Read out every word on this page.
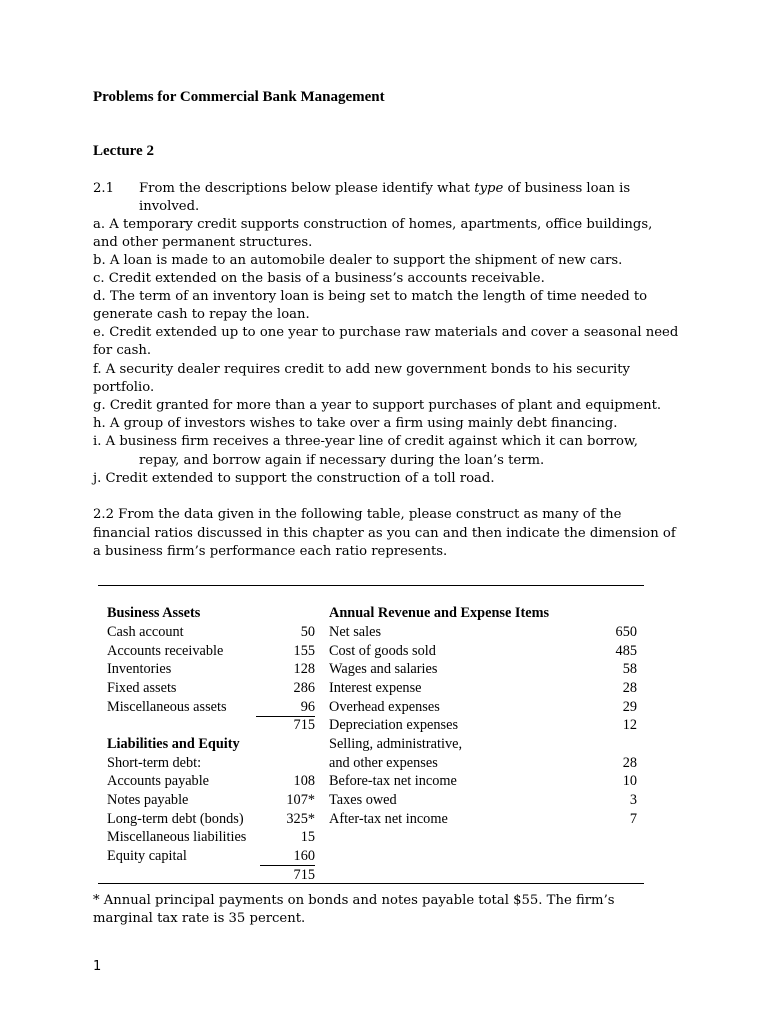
Problems for Commercial Bank Management
Lecture 2
2.1 From the descriptions below please identify what type of business loan is
involved.
a. A temporary credit supports construction of homes, apartments, office buildings,
and other permanent structures.
b. A loan is made to an automobile dealer to support the shipment of new cars.
c. Credit extended on the basis of a business’s accounts receivable.
d. The term of an inventory loan is being set to match the length of time needed to
generate cash to repay the loan.
e. Credit extended up to one year to purchase raw materials and cover a seasonal need
for cash.
f. A security dealer requires credit to add new government bonds to his security
portfolio.
g. Credit granted for more than a year to support purchases of plant and equipment.
h. A group of investors wishes to take over a firm using mainly debt financing.
i. A business firm receives a three-year line of credit against which it can borrow,
repay, and borrow again if necessary during the loan’s term.
j. Credit extended to support the construction of a toll road.
2.2 From the data given in the following table, please construct as many of the
financial ratios discussed in this chapter as you can and then indicate the dimension of
a business firm’s performance each ratio represents.
Business Assets
Cash account	50
Accounts receivable	155
Inventories	128
Fixed assets	286
Miscellaneous assets	96
715
Liabilities and Equity
Short-term debt:
Accounts payable	108
Notes payable	107*
Long-term debt (bonds)	325*
Miscellaneous liabilities	15
Equity capital	160
715
Annual Revenue and Expense Items
Net sales	650
Cost of goods sold	485
Wages and salaries	58
Interest expense	28
Overhead expenses	29
Depreciation expenses	12
Selling, administrative,
and other expenses	28
Before-tax net income	10
Taxes owed	3
After-tax net income	7
* Annual principal payments on bonds and notes payable total $55. The firm’s
marginal tax rate is 35 percent.
1
